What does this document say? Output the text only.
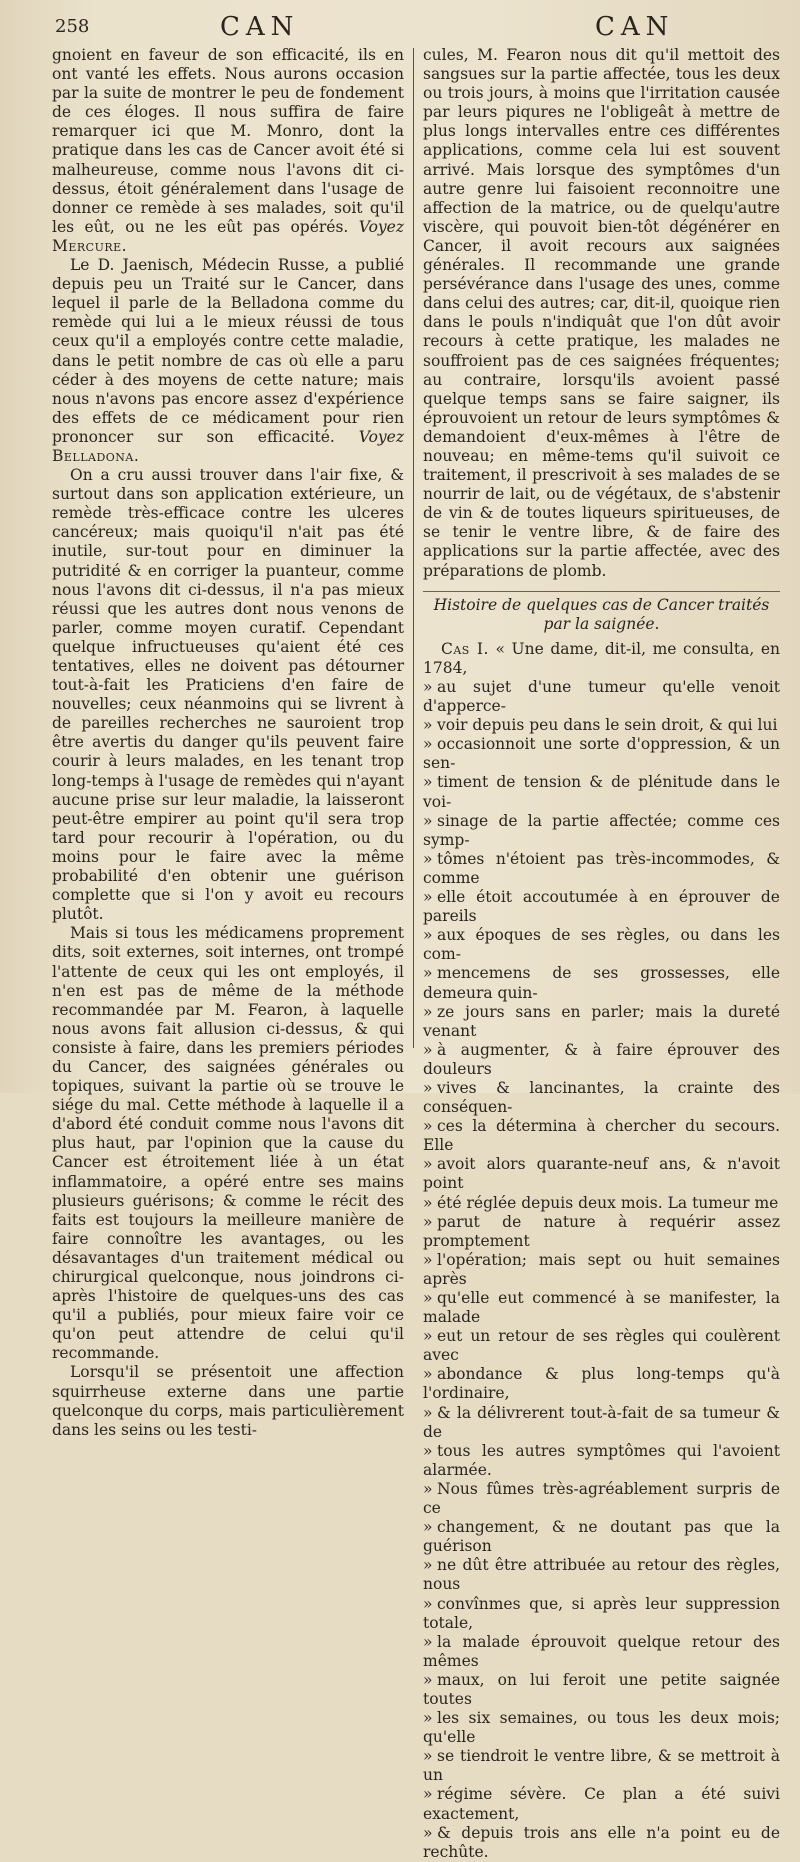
258	CAN	CAN

gnoient en faveur de son efficacité, ils en ont vanté les effets. Nous aurons occasion par la suite de montrer le peu de fondement de ces éloges. Il nous suffira de faire remarquer ici que M. Monro, dont la pratique dans les cas de Cancer avoit été si malheureuse, comme nous l'avons dit ci-dessus, étoit généralement dans l'usage de donner ce remède à ses malades, soit qu'il les eût, ou ne les eût pas opérés. Voyez Mercure.

Le D. Jaenisch, Médecin Russe, a publié depuis peu un Traité sur le Cancer, dans lequel il parle de la Belladona comme du remède qui lui a le mieux réussi de tous ceux qu'il a employés contre cette maladie, dans le petit nombre de cas où elle a paru céder à des moyens de cette nature; mais nous n'avons pas encore assez d'expérience des effets de ce médicament pour rien prononcer sur son efficacité. Voyez Belladona.

On a cru aussi trouver dans l'air fixe, & surtout dans son application extérieure, un remède très-efficace contre les ulceres cancéreux; mais quoiqu'il n'ait pas été inutile, sur-tout pour en diminuer la putridité & en corriger la puanteur, comme nous l'avons dit ci-dessus, il n'a pas mieux réussi que les autres dont nous venons de parler, comme moyen curatif. Cependant quelque infructueuses qu'aient été ces tentatives, elles ne doivent pas détourner tout-à-fait les Praticiens d'en faire de nouvelles; ceux néanmoins qui se livrent à de pareilles recherches ne sauroient trop être avertis du danger qu'ils peuvent faire courir à leurs malades, en les tenant trop long-temps à l'usage de remèdes qui n'ayant aucune prise sur leur maladie, la laisseront peut-être empirer au point qu'il sera trop tard pour recourir à l'opération, ou du moins pour le faire avec la même probabilité d'en obtenir une guérison complette que si l'on y avoit eu recours plutôt.

Mais si tous les médicamens proprement dits, soit externes, soit internes, ont trompé l'attente de ceux qui les ont employés, il n'en est pas de même de la méthode recommandée par M. Fearon, à laquelle nous avons fait allusion ci-dessus, & qui consiste à faire, dans les premiers périodes du Cancer, des saignées générales ou topiques, suivant la partie où se trouve le siége du mal. Cette méthode à laquelle il a d'abord été conduit comme nous l'avons dit plus haut, par l'opinion que la cause du Cancer est étroitement liée à un état inflammatoire, a opéré entre ses mains plusieurs guérisons; & comme le récit des faits est toujours la meilleure manière de faire connoître les avantages, ou les désavantages d'un traitement médical ou chirurgical quelconque, nous joindrons ci-après l'histoire de quelques-uns des cas qu'il a publiés, pour mieux faire voir ce qu'on peut attendre de celui qu'il recommande.

Lorsqu'il se présentoit une affection squirrheuse externe dans une partie quelconque du corps, mais particulièrement dans les seins ou les testi-

cules, M. Fearon nous dit qu'il mettoit des sangsues sur la partie affectée, tous les deux ou trois jours, à moins que l'irritation causée par leurs piqures ne l'obligeât à mettre de plus longs intervalles entre ces différentes applications, comme cela lui est souvent arrivé. Mais lorsque des symptômes d'un autre genre lui faisoient reconnoitre une affection de la matrice, ou de quelqu'autre viscère, qui pouvoit bien-tôt dégénérer en Cancer, il avoit recours aux saignées générales. Il recommande une grande persévérance dans l'usage des unes, comme dans celui des autres; car, dit-il, quoique rien dans le pouls n'indiquât que l'on dût avoir recours à cette pratique, les malades ne souffroient pas de ces saignées fréquentes; au contraire, lorsqu'ils avoient passé quelque temps sans se faire saigner, ils éprouvoient un retour de leurs symptômes & demandoient d'eux-mêmes à l'être de nouveau; en même-tems qu'il suivoit ce traitement, il prescrivoit à ses malades de se nourrir de lait, ou de végétaux, de s'abstenir de vin & de toutes liqueurs spiritueuses, de se tenir le ventre libre, & de faire des applications sur la partie affectée, avec des préparations de plomb.

Histoire de quelques cas de Cancer traités par la saignée.

Cas I. « Une dame, dit-il, me consulta, en 1784,

» au sujet d'une tumeur qu'elle venoit d'apperce-
» voir depuis peu dans le sein droit, & qui lui
» occasionnoit une sorte d'oppression, & un sen-
» timent de tension & de plénitude dans le voi-
» sinage de la partie affectée; comme ces symp-
» tômes n'étoient pas très-incommodes, & comme
» elle étoit accoutumée à en éprouver de pareils
» aux époques de ses règles, ou dans les com-
» mencemens de ses grossesses, elle demeura quin-
» ze jours sans en parler; mais la dureté venant
» à augmenter, & à faire éprouver des douleurs
» vives & lancinantes, la crainte des conséquen-
» ces la détermina à chercher du secours. Elle
» avoit alors quarante-neuf ans, & n'avoit point
» été réglée depuis deux mois. La tumeur me
» parut de nature à requérir assez promptement
» l'opération; mais sept ou huit semaines après
» qu'elle eut commencé à se manifester, la malade
» eut un retour de ses règles qui coulèrent avec
» abondance & plus long-temps qu'à l'ordinaire,
» & la délivrerent tout-à-fait de sa tumeur & de
» tous les autres symptômes qui l'avoient alarmée.
» Nous fûmes très-agréablement surpris de ce
» changement, & ne doutant pas que la guérison
» ne dût être attribuée au retour des règles, nous
» convînmes que, si après leur suppression totale,
» la malade éprouvoit quelque retour des mêmes
» maux, on lui feroit une petite saignée toutes
» les six semaines, ou tous les deux mois; qu'elle
» se tiendroit le ventre libre, & se mettroit à un
» régime sévère. Ce plan a été suivi exactement,
» & depuis trois ans elle n'a point eu de rechûte.
